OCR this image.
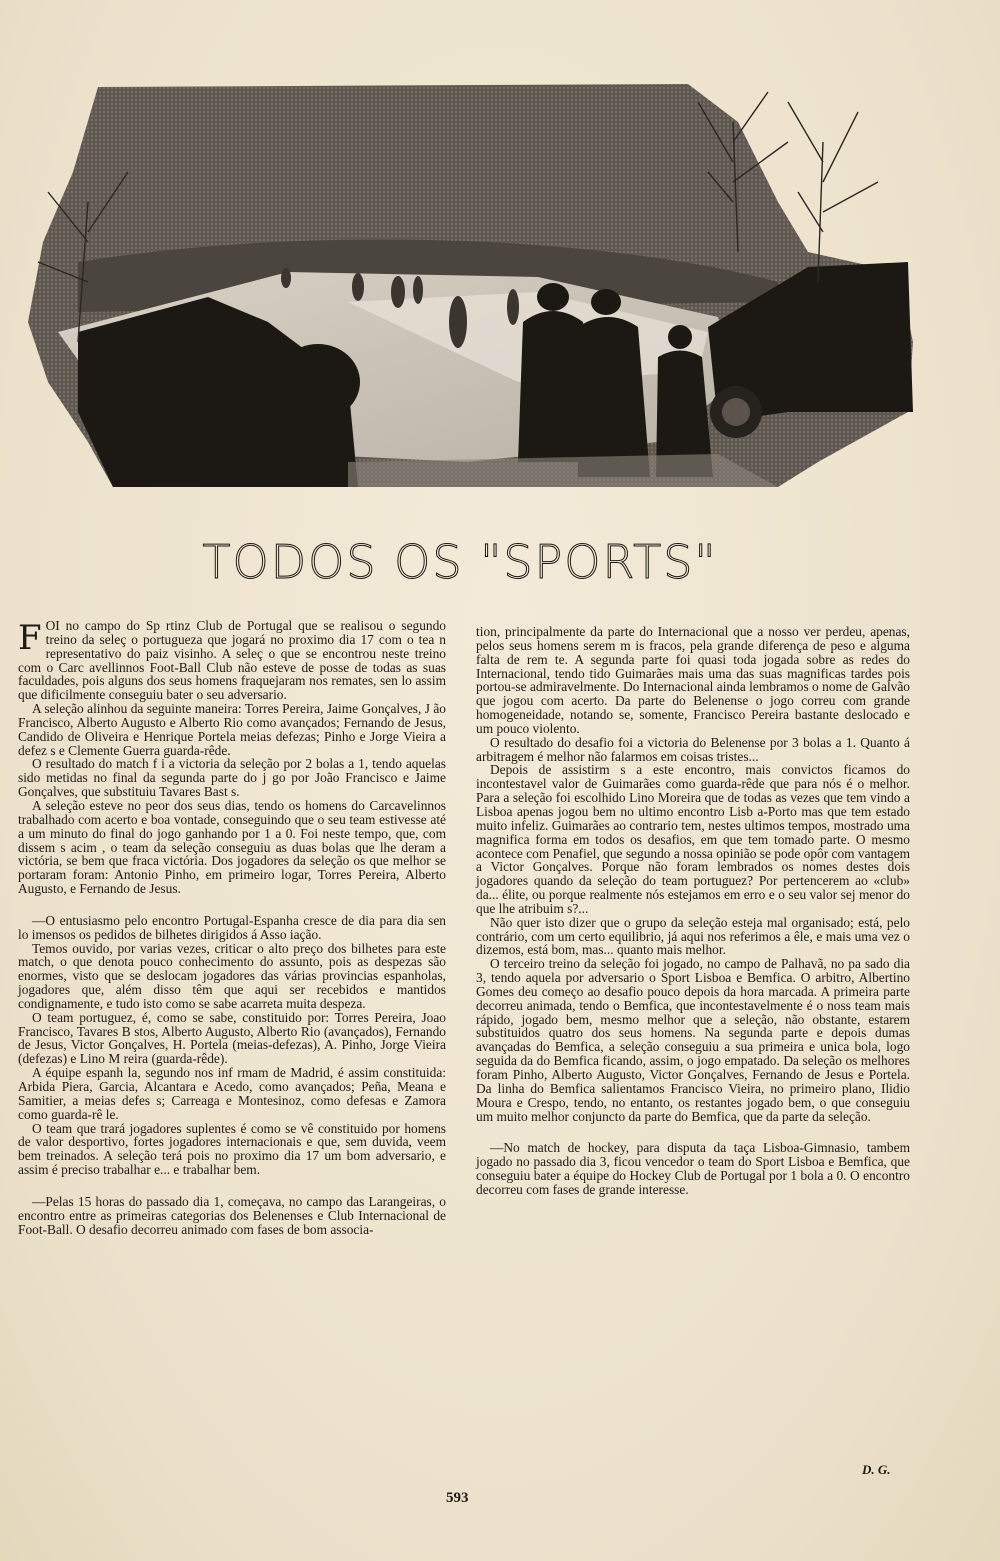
TODOS OS "SPORTS"

FOI no campo do Sp rtinz Club de Portugal que se realisou o segundo treino da seleç o portugueza que jogará no proximo dia 17 com o tea n representativo do paiz visinho. A seleç o que se encontrou neste treino com o Carc avellinnos Foot-Ball Club não esteve de posse de todas as suas faculdades, pois alguns dos seus homens fraquejaram nos remates, sen lo assim que dificilmente conseguiu bater o seu adversario.

A seleção alinhou da seguinte maneira: Torres Pereira, Jaime Gonçalves, J ão Francisco, Alberto Augusto e Alberto Rio como avançados; Fernando de Jesus, Candido de Oliveira e Henrique Portela meias defezas; Pinho e Jorge Vieira a defez s e Clemente Guerra guarda-rêde.

O resultado do match f i a victoria da seleção por 2 bolas a 1, tendo aquelas sido metidas no final da segunda parte do j go por João Francisco e Jaime Gonçalves, que substituiu Tavares Bast s.

A seleção esteve no peor dos seus dias, tendo os homens do Carcavelinnos trabalhado com acerto e boa vontade, conseguindo que o seu team estivesse até a um minuto do final do jogo ganhando por 1 a 0. Foi neste tempo, que, com dissem s acim , o team da seleção conseguiu as duas bolas que lhe deram a victória, se bem que fraca victória. Dos jogadores da seleção os que melhor se portaram foram: Antonio Pinho, em primeiro logar, Torres Pereira, Alberto Augusto, e Fernando de Jesus.

—O entusiasmo pelo encontro Portugal-Espanha cresce de dia para dia sen lo imensos os pedidos de bilhetes dirigidos á Asso iação.

Temos ouvido, por varias vezes, criticar o alto preço dos bilhetes para este match, o que denota pouco conhecimento do assunto, pois as despezas são enormes, visto que se deslocam jogadores das várias provincias espanholas, jogadores que, além disso têm que aqui ser recebidos e mantidos condignamente, e tudo isto como se sabe acarreta muita despeza.

O team portuguez, é, como se sabe, constituido por: Torres Pereira, Joao Francisco, Tavares B stos, Alberto Augusto, Alberto Rio (avançados), Fernando de Jesus, Victor Gonçalves, H. Portela (meias-defezas), A. Pinho, Jorge Vieira (defezas) e Lino M reira (guarda-rêde).

A équipe espanh la, segundo nos inf rmam de Madrid, é assim constituida: Arbida Piera, Garcia, Alcantara e Acedo, como avançados; Peña, Meana e Samitier, a meias defes s; Carreaga e Montesinoz, como defesas e Zamora como guarda-rê le.

O team que trará jogadores suplentes é como se vê constituido por homens de valor desportivo, fortes jogadores internacionais e que, sem duvida, veem bem treinados. A seleção terá pois no proximo dia 17 um bom adversario, e assim é preciso trabalhar e... e trabalhar bem.

—Pelas 15 horas do passado dia 1, começava, no campo das Larangeiras, o encontro entre as primeiras categorias dos Belenenses e Club Internacional de Foot-Ball. O desafio decorreu animado com fases de bom associa-

tion, principalmente da parte do Internacional que a nosso ver perdeu, apenas, pelos seus homens serem m is fracos, pela grande diferença de peso e alguma falta de rem te. A segunda parte foi quasi toda jogada sobre as redes do Internacional, tendo tido Guimarães mais uma das suas magnificas tardes pois portou-se admiravelmente. Do Internacional ainda lembramos o nome de Galvão que jogou com acerto. Da parte do Belenense o jogo correu com grande homogeneidade, notando se, somente, Francisco Pereira bastante deslocado e um pouco violento.

O resultado do desafio foi a victoria do Belenense por 3 bolas a 1. Quanto á arbitragem é melhor não falarmos em coisas tristes...

Depois de assistirm s a este encontro, mais convictos ficamos do incontestavel valor de Guimarães como guarda-rêde que para nós é o melhor. Para a seleção foi escolhido Lino Moreira que de todas as vezes que tem vindo a Lisboa apenas jogou bem no ultimo encontro Lisb a-Porto mas que tem estado muito infeliz. Guimarães ao contrario tem, nestes ultimos tempos, mostrado uma magnifica forma em todos os desafios, em que tem tomado parte. O mesmo acontece com Penafiel, que segundo a nossa opinião se pode opôr com vantagem a Victor Gonçalves. Porque não foram lembrados os nomes destes dois jogadores quando da seleção do team portuguez? Por pertencerem ao «club» da... élite, ou porque realmente nós estejamos em erro e o seu valor sej menor do que lhe atribuim s?...

Não quer isto dizer que o grupo da seleção esteja mal organisado; está, pelo contrário, com um certo equilibrio, já aqui nos referimos a êle, e mais uma vez o dizemos, está bom, mas... quanto mais melhor.

O terceiro treino da seleção foi jogado, no campo de Palhavã, no pa sado dia 3, tendo aquela por adversario o Sport Lisboa e Bemfica. O arbitro, Albertino Gomes deu começo ao desafio pouco depois da hora marcada. A primeira parte decorreu animada, tendo o Bemfica, que incontestavelmente é o noss team mais rápido, jogado bem, mesmo melhor que a seleção, não obstante, estarem substituidos quatro dos seus homens. Na segunda parte e depois dumas avançadas do Bemfica, a seleção conseguiu a sua primeira e unica bola, logo seguida da do Bemfica ficando, assim, o jogo empatado. Da seleção os melhores foram Pinho, Alberto Augusto, Victor Gonçalves, Fernando de Jesus e Portela. Da linha do Bemfica salientamos Francisco Vieira, no primeiro plano, Ilidio Moura e Crespo, tendo, no entanto, os restantes jogado bem, o que conseguiu um muito melhor conjuncto da parte do Bemfica, que da parte da seleção.

—No match de hockey, para disputa da taça Lisboa-Gimnasio, tambem jogado no passado dia 3, ficou vencedor o team do Sport Lisboa e Bemfica, que conseguiu bater a équipe do Hockey Club de Portugal por 1 bola a 0. O encontro decorreu com fases de grande interesse.

D. G.
593
